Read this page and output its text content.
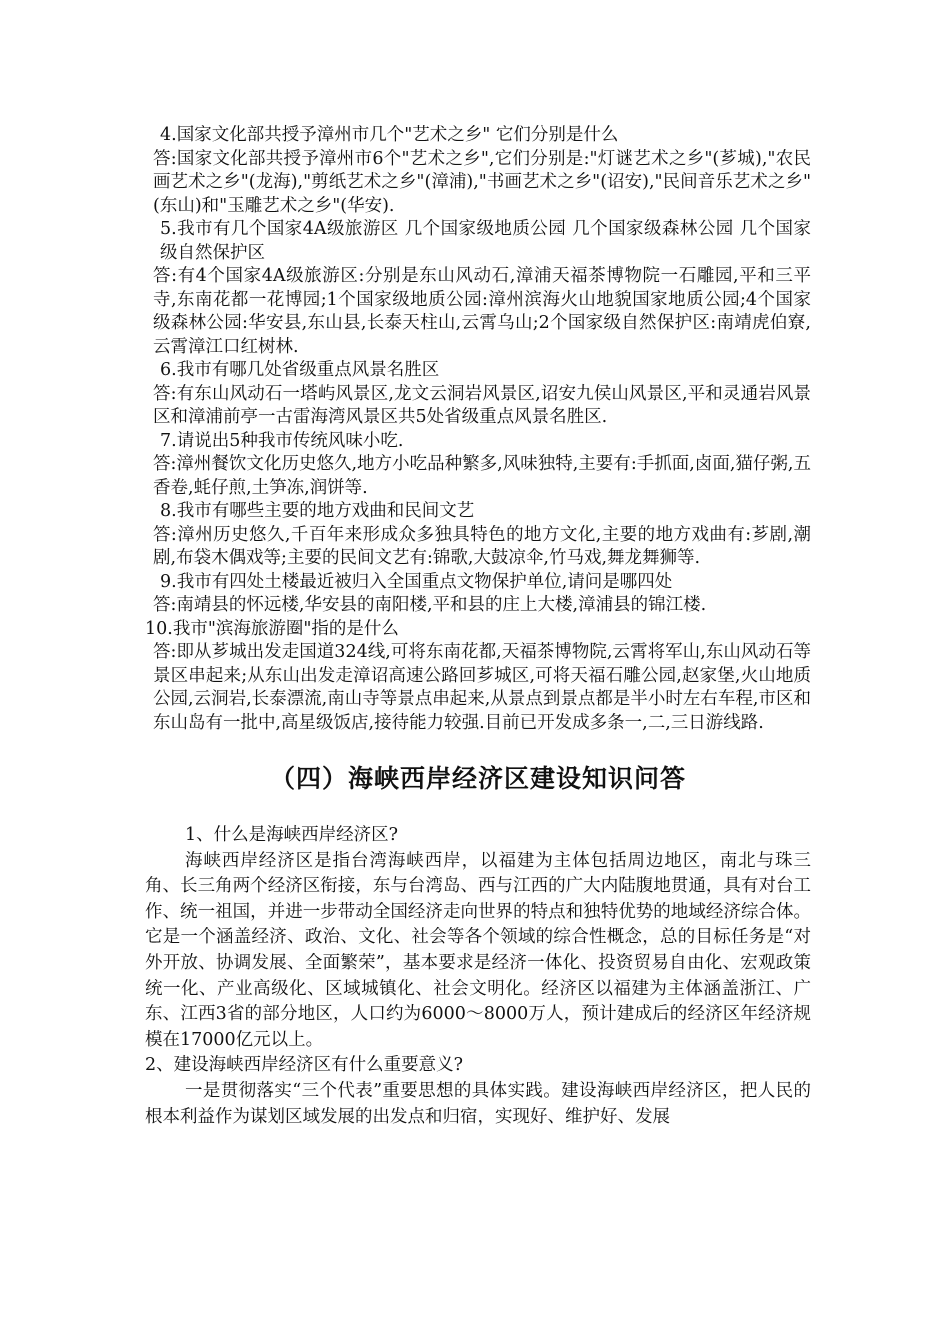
4.国家文化部共授予漳州市几个"艺术之乡" 它们分别是什么

答:国家文化部共授予漳州市6个"艺术之乡",它们分别是:"灯谜艺术之乡"(芗城),"农民画艺术之乡"(龙海),"剪纸艺术之乡"(漳浦),"书画艺术之乡"(诏安),"民间音乐艺术之乡"(东山)和"玉雕艺术之乡"(华安).

5.我市有几个国家4A级旅游区 几个国家级地质公园 几个国家级森林公园 几个国家级自然保护区

答:有4个国家4A级旅游区:分别是东山风动石,漳浦天福茶博物院一石雕园,平和三平寺,东南花都一花博园;1个国家级地质公园:漳州滨海火山地貌国家地质公园;4个国家级森林公园:华安县,东山县,长泰天柱山,云霄乌山;2个国家级自然保护区:南靖虎伯寮,云霄漳江口红树林.

6.我市有哪几处省级重点风景名胜区

答:有东山风动石一塔屿风景区,龙文云洞岩风景区,诏安九侯山风景区,平和灵通岩风景区和漳浦前亭一古雷海湾风景区共5处省级重点风景名胜区.

7.请说出5种我市传统风味小吃.

答:漳州餐饮文化历史悠久,地方小吃品种繁多,风味独特,主要有:手抓面,卤面,猫仔粥,五香卷,蚝仔煎,土笋冻,润饼等.

8.我市有哪些主要的地方戏曲和民间文艺

答:漳州历史悠久,千百年来形成众多独具特色的地方文化,主要的地方戏曲有:芗剧,潮剧,布袋木偶戏等;主要的民间文艺有:锦歌,大鼓凉伞,竹马戏,舞龙舞狮等.

9.我市有四处土楼最近被归入全国重点文物保护单位,请问是哪四处

答:南靖县的怀远楼,华安县的南阳楼,平和县的庄上大楼,漳浦县的锦江楼.

10.我市"滨海旅游圈"指的是什么

答:即从芗城出发走国道324线,可将东南花都,天福茶博物院,云霄将军山,东山风动石等景区串起来;从东山出发走漳诏高速公路回芗城区,可将天福石雕公园,赵家堡,火山地质公园,云洞岩,长泰漂流,南山寺等景点串起来,从景点到景点都是半小时左右车程,市区和东山岛有一批中,高星级饭店,接待能力较强.目前已开发成多条一,二,三日游线路.

（四）海峡西岸经济区建设知识问答

1、什么是海峡西岸经济区?

海峡西岸经济区是指台湾海峡西岸，以福建为主体包括周边地区，南北与珠三角、长三角两个经济区衔接，东与台湾岛、西与江西的广大内陆腹地贯通，具有对台工作、统一祖国，并进一步带动全国经济走向世界的特点和独特优势的地域经济综合体。它是一个涵盖经济、政治、文化、社会等各个领域的综合性概念，总的目标任务是“对外开放、协调发展、全面繁荣”，基本要求是经济一体化、投资贸易自由化、宏观政策统一化、产业高级化、区域城镇化、社会文明化。经济区以福建为主体涵盖浙江、广东、江西3省的部分地区，人口约为6000～8000万人，预计建成后的经济区年经济规模在17000亿元以上。

2、建设海峡西岸经济区有什么重要意义?

一是贯彻落实“三个代表”重要思想的具体实践。建设海峡西岸经济区，把人民的根本利益作为谋划区域发展的出发点和归宿，实现好、维护好、发展
